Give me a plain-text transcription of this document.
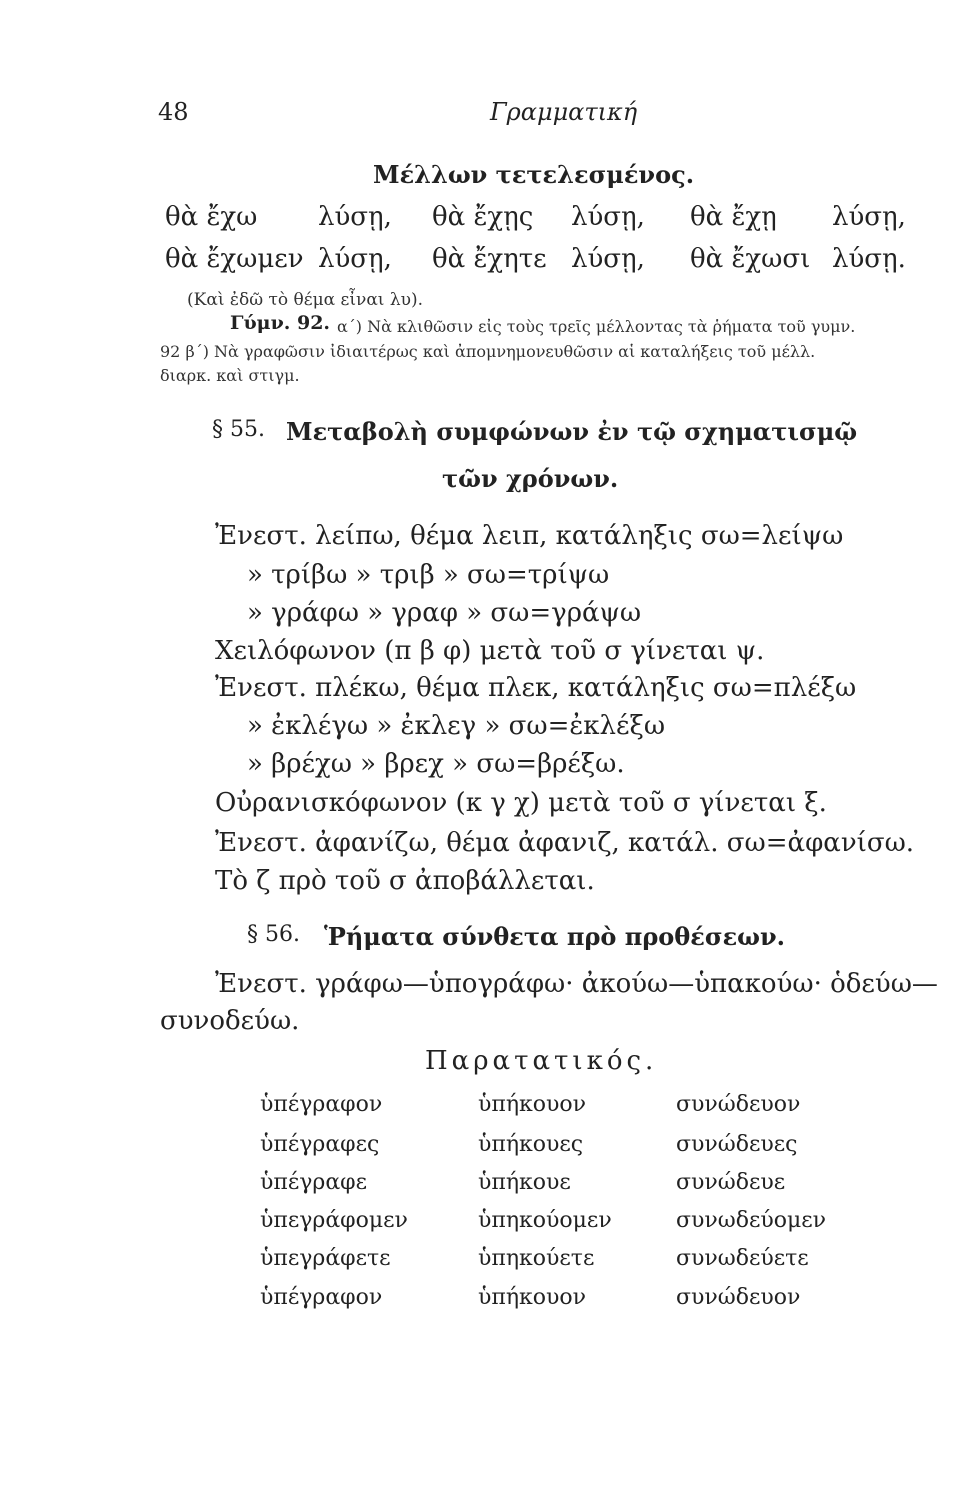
48	Γραμματική
Μέλλων τετελεσμένος.
θὰ ἔχω λύσῃ, θὰ ἔχῃς λύσῃ, θὰ ἔχῃ λύσῃ,
θὰ ἔχωμεν λύσῃ, θὰ ἔχητε λύσῃ, θὰ ἔχωσι λύσῃ.
(Καὶ ἐδῶ τὸ θέμα εἶναι λυ).
Γύμν. 92. α΄) Νὰ κλιθῶσιν εἰς τοὺς τρεῖς μέλλοντας τὰ ῥήματα τοῦ γυμν.
92 β΄) Νὰ γραφῶσιν ἰδιαιτέρως καὶ ἀπομνημονευθῶσιν αἱ καταλήξεις τοῦ μέλλ.
διαρκ. καὶ στιγμ.
§ 55. Μεταβολὴ συμφώνων ἐν τῷ σχηματισμῷ
τῶν χρόνων.
Ἐνεστ. λείπω, θέμα λειπ, κατάληξις σω=λείψω
» τρίβω » τριβ » σω=τρίψω
» γράφω » γραφ » σω=γράψω
Χειλόφωνον (π β φ) μετὰ τοῦ σ γίνεται ψ.
Ἐνεστ. πλέκω, θέμα πλεκ, κατάληξις σω=πλέξω
» ἐκλέγω » ἐκλεγ » σω=ἐκλέξω
» βρέχω » βρεχ » σω=βρέξω.
Οὐρανισκόφωνον (κ γ χ) μετὰ τοῦ σ γίνεται ξ.
Ἐνεστ. ἀφανίζω, θέμα ἀφανιζ, κατάλ. σω=ἀφανίσω.
Τὸ ζ πρὸ τοῦ σ ἀποβάλλεται.
§ 56. Ῥήματα σύνθετα πρὸ προθέσεων.
Ἐνεστ. γράφω—ὑπογράφω· ἀκούω—ὑπακούω· ὁδεύω—
συνοδεύω.
Παρατατικός.
ὑπέγραφον
ὑπέγραφες
ὑπέγραφε
ὑπεγράφομεν
ὑπεγράφετε
ὑπέγραφον
ὑπήκουον
ὑπήκουες
ὑπήκουε
ὑπηκούομεν
ὑπηκούετε
ὑπήκουον
συνώδευον
συνώδευες
συνώδευε
συνωδεύομεν
συνωδεύετε
συνώδευον
